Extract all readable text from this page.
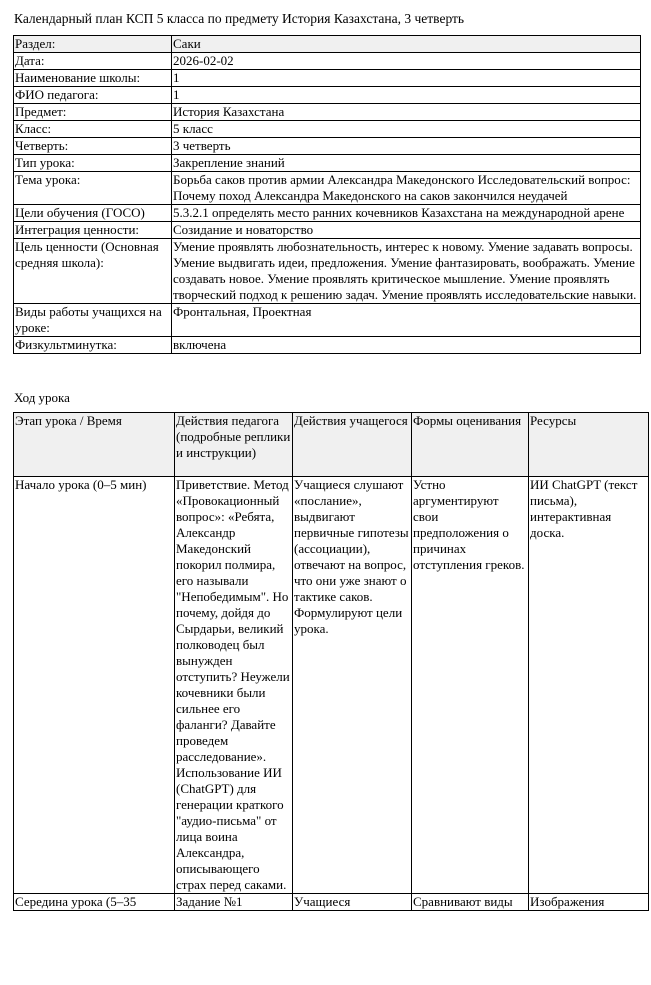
Календарный план КСП 5 класса по предмету История Казахстана, 3 четверть
Раздел:	Саки
Дата:	2026-02-02
Наименование школы:	1
ФИО педагога:	1
Предмет:	История Казахстана
Класс:	5 класс
Четверть:	3 четверть
Тип урока:	Закрепление знаний
Тема урока:	Борьба саков против армии Александра Македонского Исследовательский вопрос: Почему поход Александра Македонского на саков закончился неудачей
Цели обучения (ГОСО)	5.3.2.1 определять место ранних кочевников Казахстана на международной арене
Интеграция ценности:	Созидание и новаторство
Цель ценности (Основная средняя школа):	Умение проявлять любознательность, интерес к новому. Умение задавать вопросы. Умение выдвигать идеи, предложения. Умение фантазировать, воображать. Умение создавать новое. Умение проявлять критическое мышление. Умение проявлять творческий подход к решению задач. Умение проявлять исследовательские навыки.
Виды работы учащихся на уроке:	Фронтальная, Проектная
Физкультминутка:	включена
Ход урока
Этап урока / Время	Действия педагога (подробные реплики и инструкции)	Действия учащегося	Формы оценивания	Ресурсы
Начало урока (0–5 мин)	Приветствие. Метод «Провокационный вопрос»: «Ребята, Александр Македонский покорил полмира, его называли "Непобедимым". Но почему, дойдя до Сырдарьи, великий полководец был вынужден отступить? Неужели кочевники были сильнее его фаланги? Давайте проведем расследование». Использование ИИ (ChatGPT) для генерации краткого "аудио-письма" от лица воина Александра, описывающего страх перед саками.	Учащиеся слушают «послание», выдвигают первичные гипотезы (ассоциации), отвечают на вопрос, что они уже знают о тактике саков. Формулируют цели урока.	Устно аргументируют свои предположения о причинах отступления греков.	ИИ ChatGPT (текст письма), интерактивная доска.
Середина урока (5–35	Задание №1	Учащиеся	Сравнивают виды	Изображения
